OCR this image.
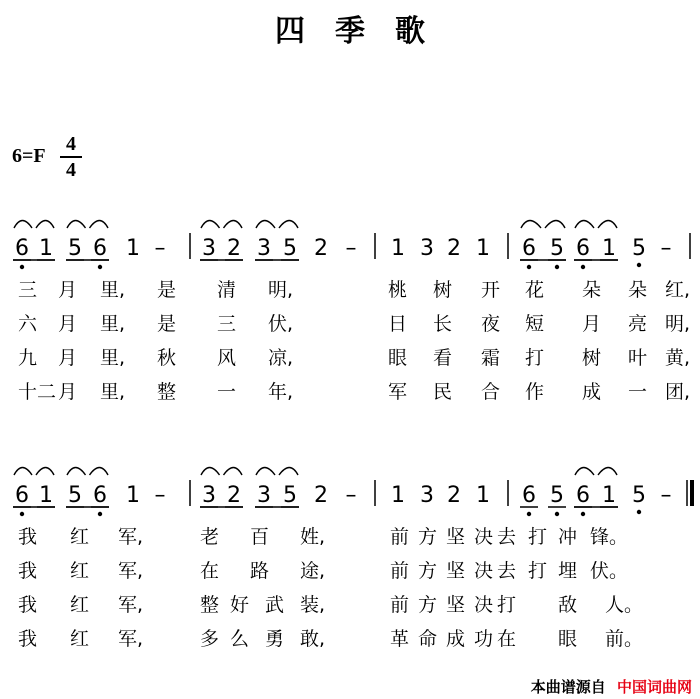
四季歌
6=F
4
4
6 1 5 6 1 – 3 2 3 5 2 – 1 3 2 1 6 5 6 1 5 –
6 1 5 6 1 – 3 2 3 5 2 – 1 3 2 1 6 5 6 1 5 –
三 月 里, 是 清 明,	桃 树 开 花 朵 朵 红,
六 月 里, 是 三 伏,	日 长 夜 短 月 亮 明,
九 月 里, 秋 风 凉,	眼 看 霜 打 树 叶 黄,
十二 月 里, 整 一 年,	军 民 合 作 成 一 团,
我 红 军,	老 百 姓,	前 方 坚 决 去 打 冲 锋。
我 红 军,	在 路 途,	前 方 坚 决 去 打 埋 伏。
我 红 军,	整 好 武 装,	前 方 坚 决 打 敌 人。
我 红 军,	多 么 勇 敢,	革 命 成 功 在 眼 前。
本曲谱源自 中国词曲网
